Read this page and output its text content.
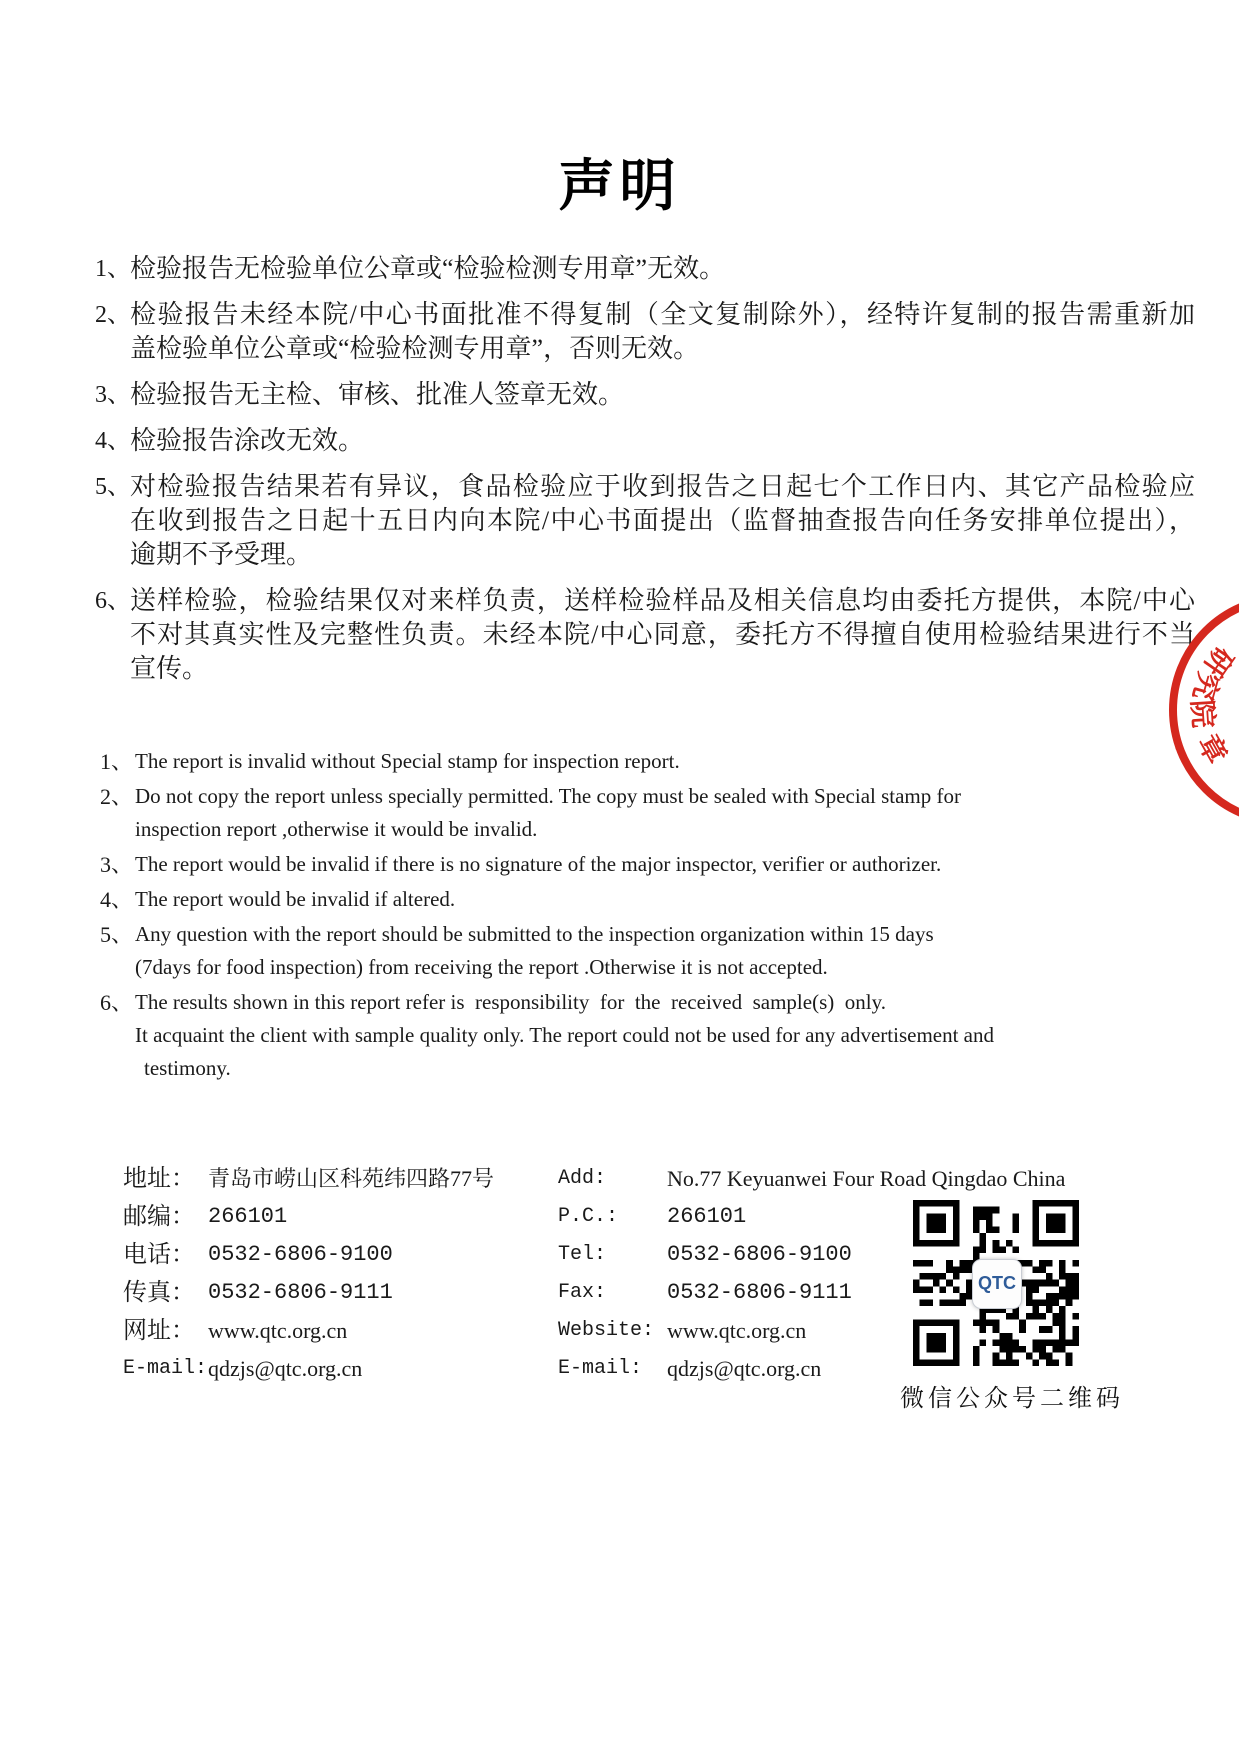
声明
1、 检验报告无检验单位公章或“检验检测专用章”无效。
2、 检验报告未经本院/中心书面批准不得复制（全文复制除外），经特许复制的报告需重新加
盖检验单位公章或“检验检测专用章”，否则无效。
3、 检验报告无主检、审核、批准人签章无效。
4、 检验报告涂改无效。
5、 对检验报告结果若有异议，食品检验应于收到报告之日起七个工作日内、其它产品检验应
在收到报告之日起十五日内向本院/中心书面提出（监督抽查报告向任务安排单位提出），
逾期不予受理。
6、 送样检验，检验结果仅对来样负责，送样检验样品及相关信息均由委托方提供，本院/中心
不对其真实性及完整性负责。未经本院/中心同意，委托方不得擅自使用检验结果进行不当
宣传。
1、 The report is invalid without Special stamp for inspection report.
2、 Do not copy the report unless specially permitted. The copy must be sealed with Special stamp for
inspection report ,otherwise it would be invalid.
3、 The report would be invalid if there is no signature of the major inspector, verifier or authorizer.
4、 The report would be invalid if altered.
5、 Any question with the report should be submitted to the inspection organization within 15 days
(7days for food inspection) from receiving the report .Otherwise it is not accepted.
6、 The results shown in this report refer is  responsibility  for  the  received  sample(s)  only.
It acquaint the client with sample quality only. The report could not be used for any advertisement and
testimony.
地址： 青岛市崂山区科苑纬四路77号	Add:	No.77 Keyuanwei Four Road Qingdao China
邮编： 266101	P.C.:	266101
电话： 0532-6806-9100	Tel:	0532-6806-9100
传真： 0532-6806-9111	Fax:	0532-6806-9111
网址： www.qtc.org.cn	Website: www.qtc.org.cn
E-mail: qdzjs@qtc.org.cn	E-mail:	qdzjs@qtc.org.cn
QTC
微信公众号二维码
研究院 章
